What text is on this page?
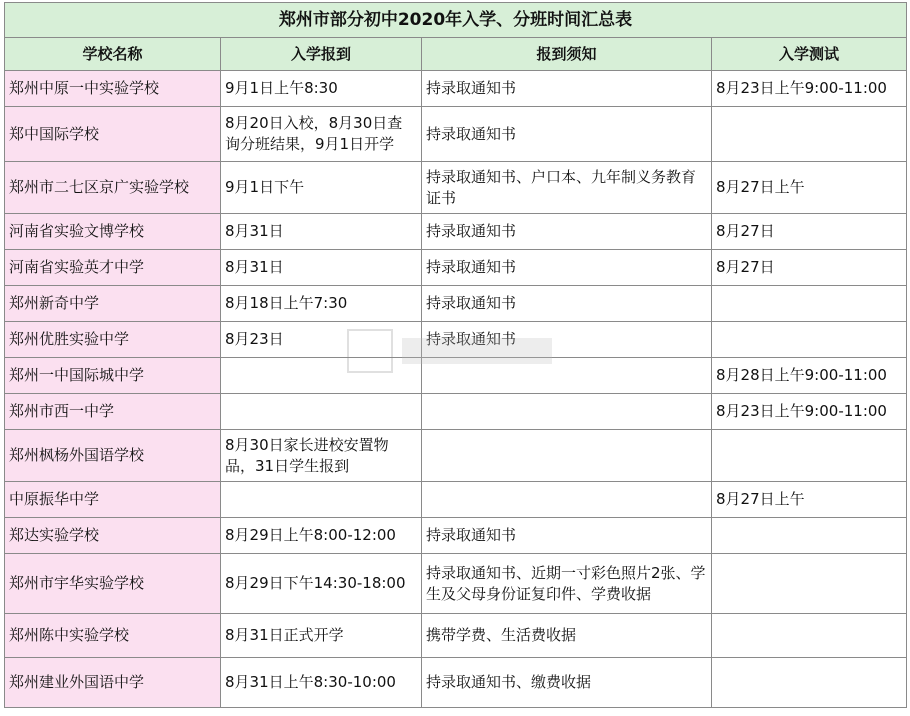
郑州市部分初中2020年入学、分班时间汇总表			
学校名称	入学报到	报到须知	入学测试
郑州中原一中实验学校	9月1日上午8:30	持录取通知书	8月23日上午9:00-11:00
郑中国际学校	8月20日入校，8月30日查询分班结果，9月1日开学	持录取通知书	
郑州市二七区京广实验学校	9月1日下午	持录取通知书、户口本、九年制义务教育证书	8月27日上午
河南省实验文博学校	8月31日	持录取通知书	8月27日
河南省实验英才中学	8月31日	持录取通知书	8月27日
郑州新奇中学	8月18日上午7:30	持录取通知书	
郑州优胜实验中学	8月23日	持录取通知书	
郑州一中国际城中学			8月28日上午9:00-11:00
郑州市西一中学			8月23日上午9:00-11:00
郑州枫杨外国语学校	8月30日家长进校安置物品，31日学生报到		
中原振华中学			8月27日上午
郑达实验学校	8月29日上午8:00-12:00	持录取通知书	
郑州市宇华实验学校	8月29日下午14:30-18:00	持录取通知书、近期一寸彩色照片2张、学生及父母身份证复印件、学费收据	
郑州陈中实验学校	8月31日正式开学	携带学费、生活费收据	
郑州建业外国语中学	8月31日上午8:30-10:00	持录取通知书、缴费收据	
